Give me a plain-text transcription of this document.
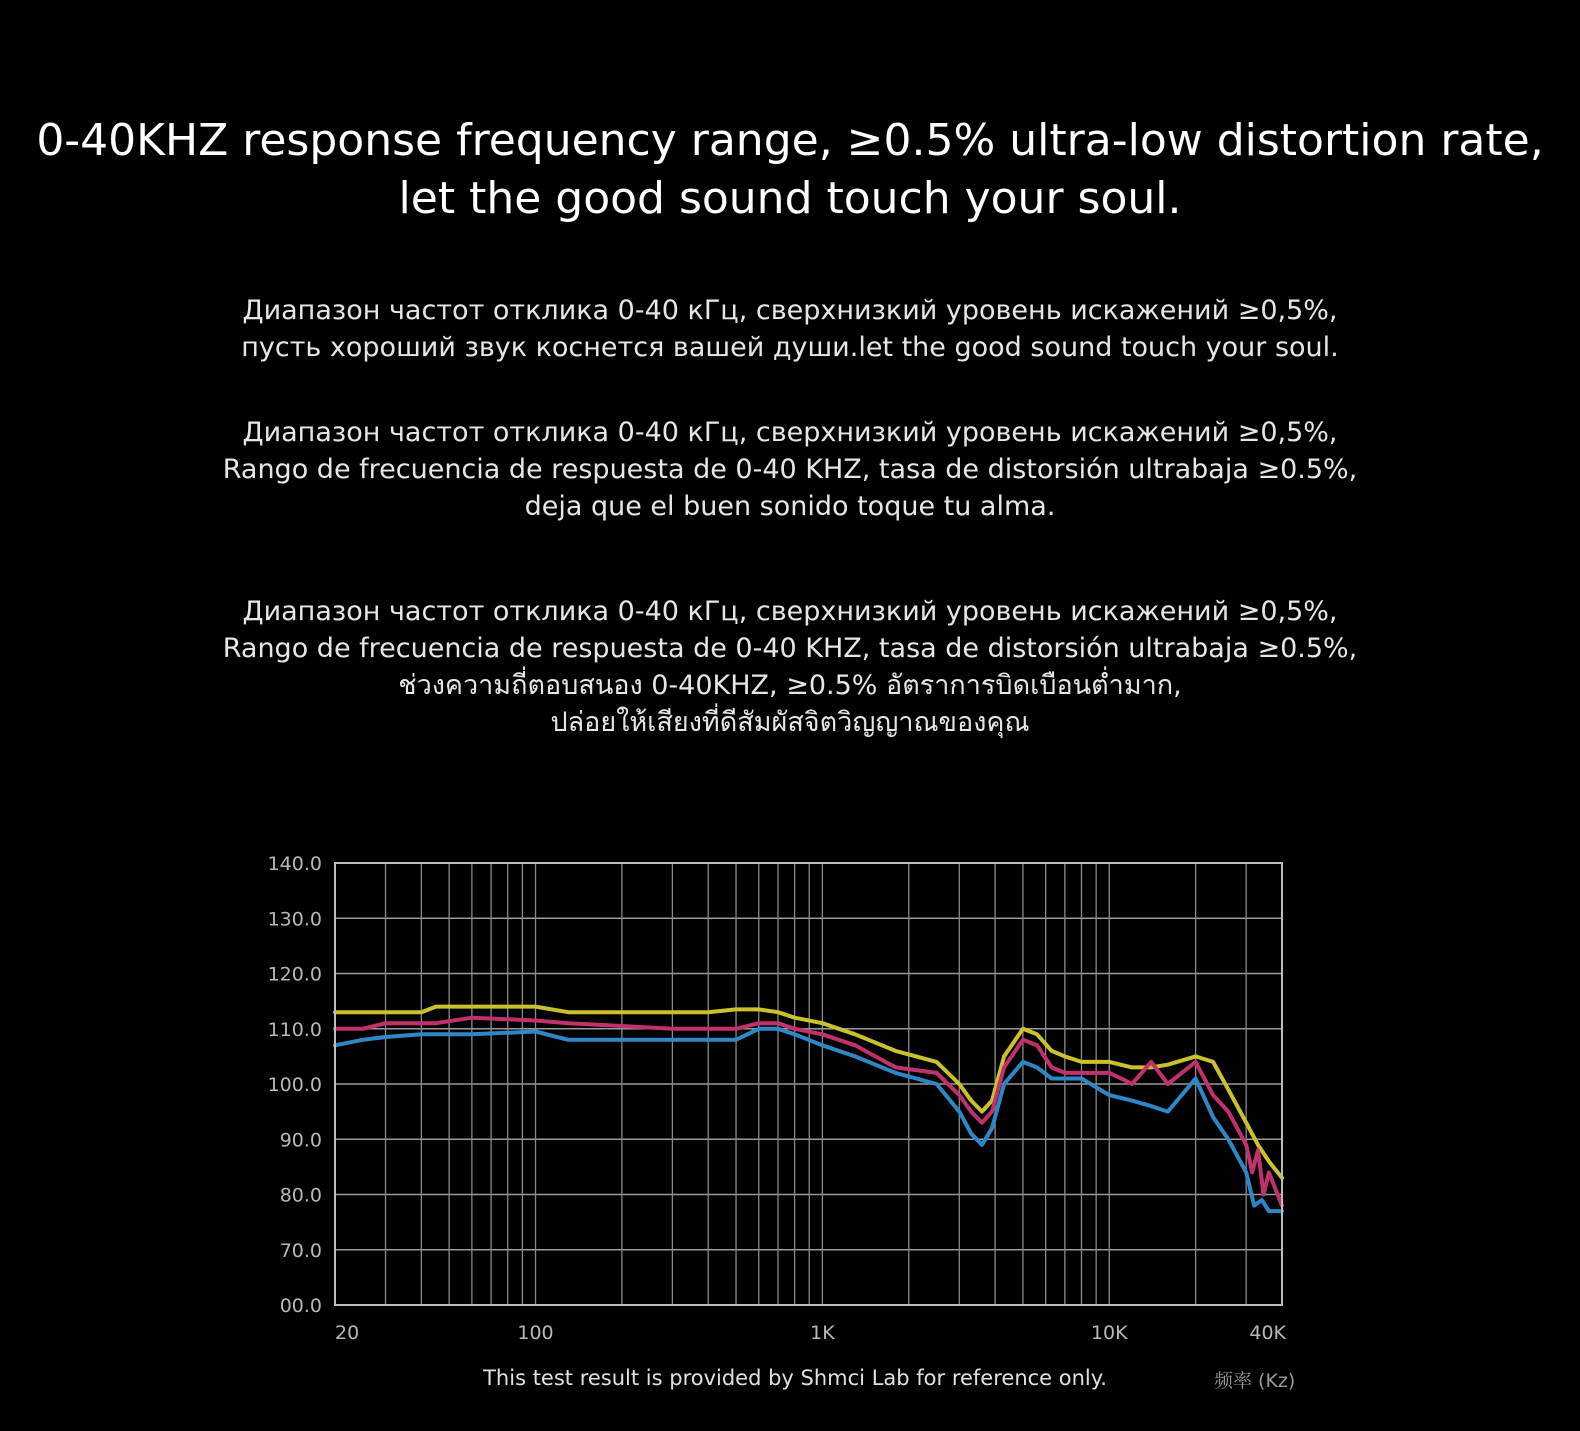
0-40KHZ response frequency range, ≥0.5% ultra-low distortion rate,
let the good sound touch your soul.
Диапазон частот отклика 0-40 кГц, сверхнизкий уровень искажений ≥0,5%,
пусть хороший звук коснется вашей души.let the good sound touch your soul.
Диапазон частот отклика 0-40 кГц, сверхнизкий уровень искажений ≥0,5%,
Rango de frecuencia de respuesta de 0-40 KHZ, tasa de distorsión ultrabaja ≥0.5%,
deja que el buen sonido toque tu alma.
Диапазон частот отклика 0-40 кГц, сверхнизкий уровень искажений ≥0,5%,
Rango de frecuencia de respuesta de 0-40 KHZ, tasa de distorsión ultrabaja ≥0.5%,
ช่วงความถี่ตอบสนอง 0-40KHZ, ≥0.5% อัตราการบิดเบือนต่ำมาก,
ปล่อยให้เสียงที่ดีสัมผัสจิตวิญญาณของคุณ
140.0
130.0
120.0
110.0
100.0
90.0
80.0
70.0
00.0
20	100	1K	10K	40K
This test result is provided by Shmci Lab for reference only.	频率 (Kz)
